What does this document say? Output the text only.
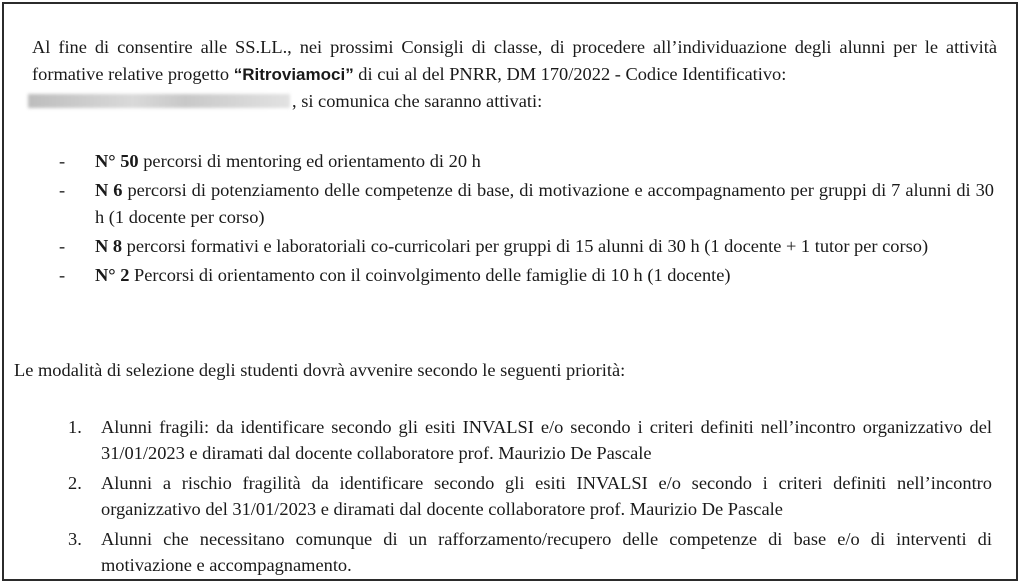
Al fine di consentire alle SS.LL., nei prossimi Consigli di classe, di procedere all’individuazione degli alunni per le attività formative relative progetto “Ritroviamoci” di cui al del PNRR, DM 170/2022 - Codice Identificativo:
, si comunica che saranno attivati:

- N° 50 percorsi di mentoring ed orientamento di 20 h
- N 6 percorsi di potenziamento delle competenze di base, di motivazione e accompagnamento per gruppi di 7 alunni di 30 h (1 docente per corso)
- N 8 percorsi formativi e laboratoriali co-curricolari per gruppi di 15 alunni di 30 h (1 docente + 1 tutor per corso)
- N° 2 Percorsi di orientamento con il coinvolgimento delle famiglie di 10 h (1 docente)

Le modalità di selezione degli studenti dovrà avvenire secondo le seguenti priorità:

1. Alunni fragili: da identificare secondo gli esiti INVALSI e/o secondo i criteri definiti nell’incontro organizzativo del 31/01/2023 e diramati dal docente collaboratore prof. Maurizio De Pascale
2. Alunni a rischio fragilità da identificare secondo gli esiti INVALSI e/o secondo i criteri definiti nell’incontro organizzativo del 31/01/2023 e diramati dal docente collaboratore prof. Maurizio De Pascale
3. Alunni che necessitano comunque di un rafforzamento/recupero delle competenze di base e/o di interventi di motivazione e accompagnamento.
